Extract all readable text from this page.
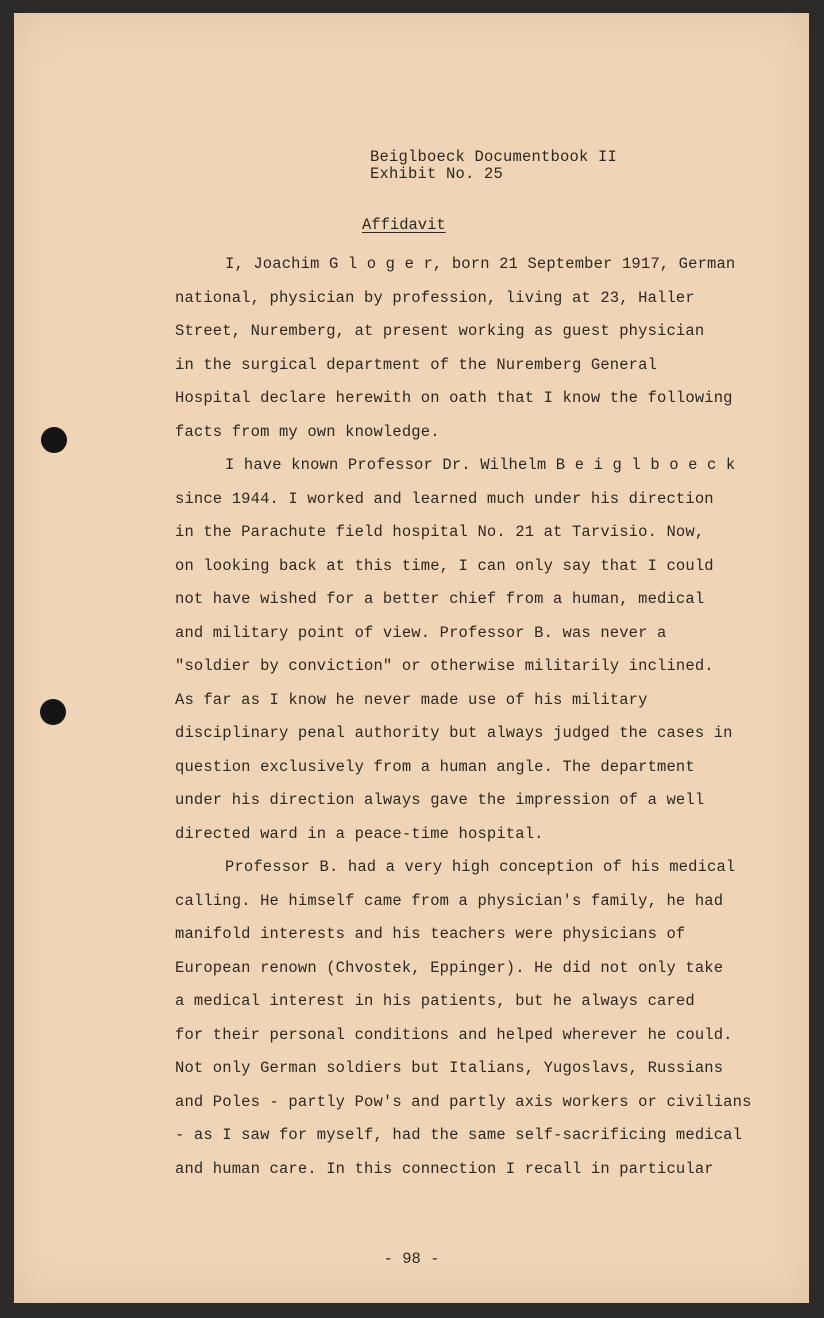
Beiglboeck Documentbook II
Exhibit No. 25
Affidavit
I, Joachim G l o g e r, born 21 September 1917, German
national, physician by profession, living at 23, Haller
Street, Nuremberg, at present working as guest physician
in the surgical department of the Nuremberg General
Hospital declare herewith on oath that I know the following
facts from my own knowledge.
I have known Professor Dr. Wilhelm B e i g l b o e c k
since 1944. I worked and learned much under his direction
in the Parachute field hospital No. 21 at Tarvisio. Now,
on looking back at this time, I can only say that I could
not have wished for a better chief from a human, medical
and military point of view. Professor B. was never a
"soldier by conviction" or otherwise militarily inclined.
As far as I know he never made use of his military
disciplinary penal authority but always judged the cases in
question exclusively from a human angle. The department
under his direction always gave the impression of a well
directed ward in a peace-time hospital.
Professor B. had a very high conception of his medical
calling. He himself came from a physician's family, he had
manifold interests and his teachers were physicians of
European renown (Chvostek, Eppinger). He did not only take
a medical interest in his patients, but he always cared
for their personal conditions and helped wherever he could.
Not only German soldiers but Italians, Yugoslavs, Russians
and Poles - partly Pow's and partly axis workers or civilians
- as I saw for myself, had the same self-sacrificing medical
and human care. In this connection I recall in particular
- 98 -
